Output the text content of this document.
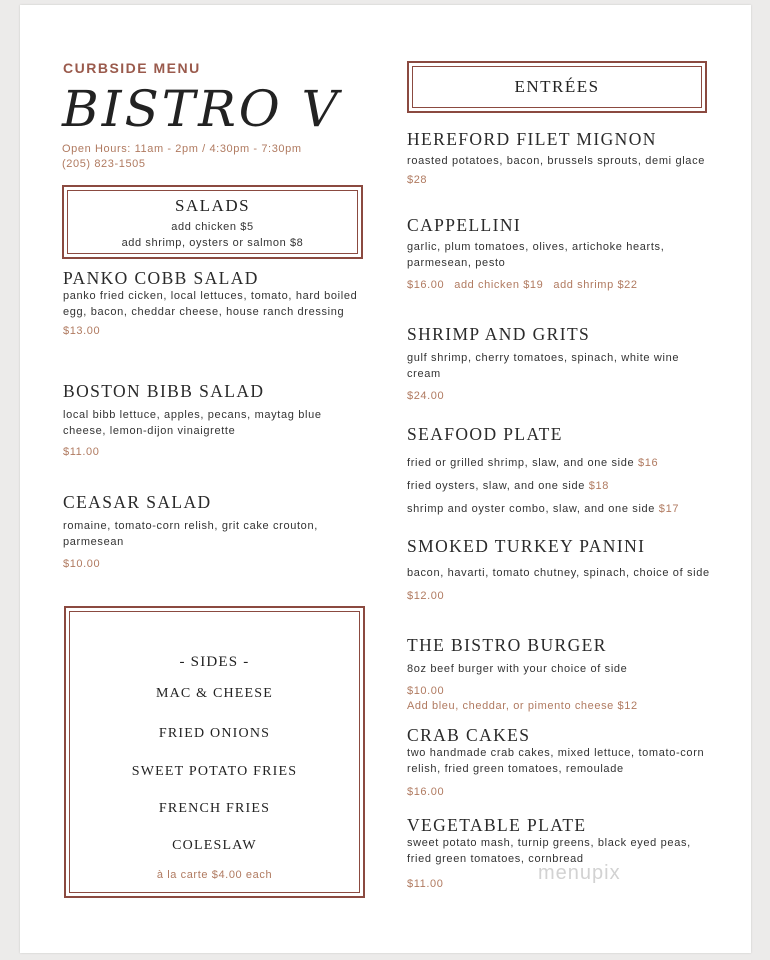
CURBSIDE MENU
BISTRO V
Open Hours: 11am - 2pm / 4:30pm - 7:30pm
(205) 823-1505
SALADS
add chicken $5
add shrimp, oysters or salmon $8
PANKO COBB SALAD
panko fried cicken, local lettuces, tomato, hard boiled egg, bacon, cheddar cheese, house ranch dressing
$13.00
BOSTON BIBB SALAD
local bibb lettuce, apples, pecans, maytag blue cheese, lemon-dijon vinaigrette
$11.00
CEASAR SALAD
romaine, tomato-corn relish, grit cake crouton, parmesean
$10.00
- SIDES -
MAC & CHEESE
FRIED ONIONS
SWEET POTATO FRIES
FRENCH FRIES
COLESLAW
à la carte $4.00 each
ENTRÉES
HEREFORD FILET MIGNON
roasted potatoes, bacon, brussels sprouts, demi glace
$28
CAPPELLINI
garlic, plum tomatoes, olives, artichoke hearts, parmesean, pesto
$16.00 add chicken $19 add shrimp $22
SHRIMP AND GRITS
gulf shrimp, cherry tomatoes, spinach, white wine cream
$24.00
SEAFOOD PLATE
fried or grilled shrimp, slaw, and one side $16
fried oysters, slaw, and one side $18
shrimp and oyster combo, slaw, and one side $17
SMOKED TURKEY PANINI
bacon, havarti, tomato chutney, spinach, choice of side
$12.00
THE BISTRO BURGER
8oz beef burger with your choice of side
$10.00
Add bleu, cheddar, or pimento cheese $12
CRAB CAKES
two handmade crab cakes, mixed lettuce, tomato-corn relish, fried green tomatoes, remoulade
$16.00
VEGETABLE PLATE
sweet potato mash, turnip greens, black eyed peas, fried green tomatoes, cornbread
$11.00	menupix
